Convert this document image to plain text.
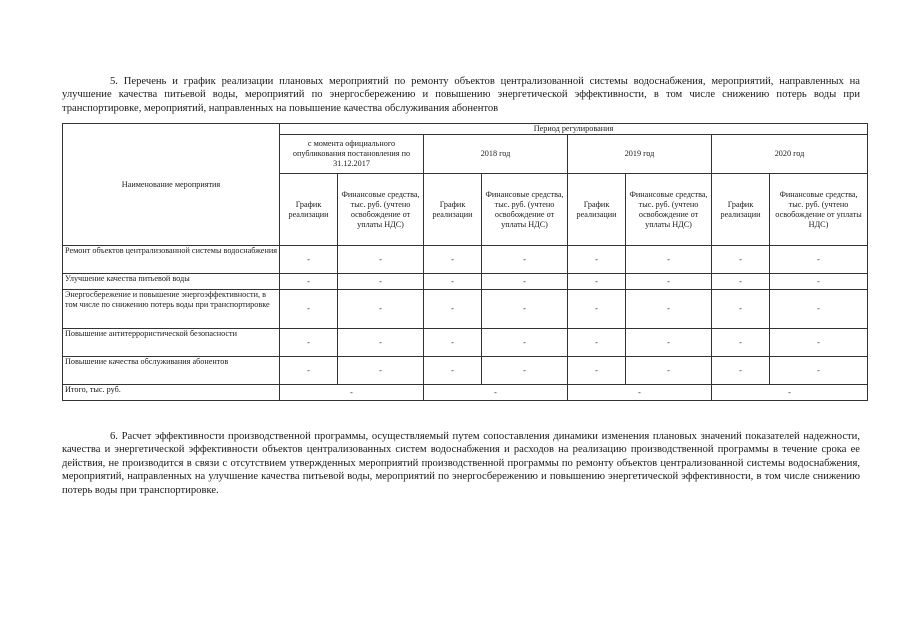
5. Перечень и график реализации плановых мероприятий по ремонту объектов централизованной системы водоснабжения, мероприятий, направленных на улучшение качества питьевой воды, мероприятий по энергосбережению и повышению энергетической эффективности, в том числе снижению потерь воды при транспортировке, мероприятий, направленных на повышение качества обслуживания абонентов

Наименование мероприятия	Период регулирования							
	с момента официального опубликования постановления по 31.12.2017		2018 год		2019 год		2020 год	
	График реализации	Финансовые средства, тыс. руб. (учтено освобождение от уплаты НДС)	График реализации	Финансовые средства, тыс. руб. (учтено освобождение от уплаты НДС)	График реализации	Финансовые средства, тыс. руб. (учтено освобождение от уплаты НДС)	График реализации	Финансовые средства, тыс. руб. (учтено освобождение от уплаты НДС)
Ремонт объектов централизованной системы водоснабжения	-	-	-	-	-	-	-	-
Улучшение качества питьевой воды	-	-	-	-	-	-	-	-
Энергосбережение и повышение энергоэффективности, в том числе по снижению потерь воды при транспортировке	-	-	-	-	-	-	-	-
Повышение антитеррористической безопасности	-	-	-	-	-	-	-	-
Повышение качества обслуживания абонентов	-	-	-	-	-	-	-	-
Итого, тыс. руб.	-		-		-		-	

6. Расчет эффективности производственной программы, осуществляемый путем сопоставления динамики изменения плановых значений показателей надежности, качества и энергетической эффективности объектов централизованных систем водоснабжения и расходов на реализацию производственной программы в течение срока ее действия, не производится в связи с отсутствием утвержденных мероприятий производственной программы по ремонту объектов централизованной системы водоснабжения, мероприятий, направленных на улучшение качества питьевой воды, мероприятий по энергосбережению и повышению энергетической эффективности, в том числе снижению потерь воды при транспортировке.
